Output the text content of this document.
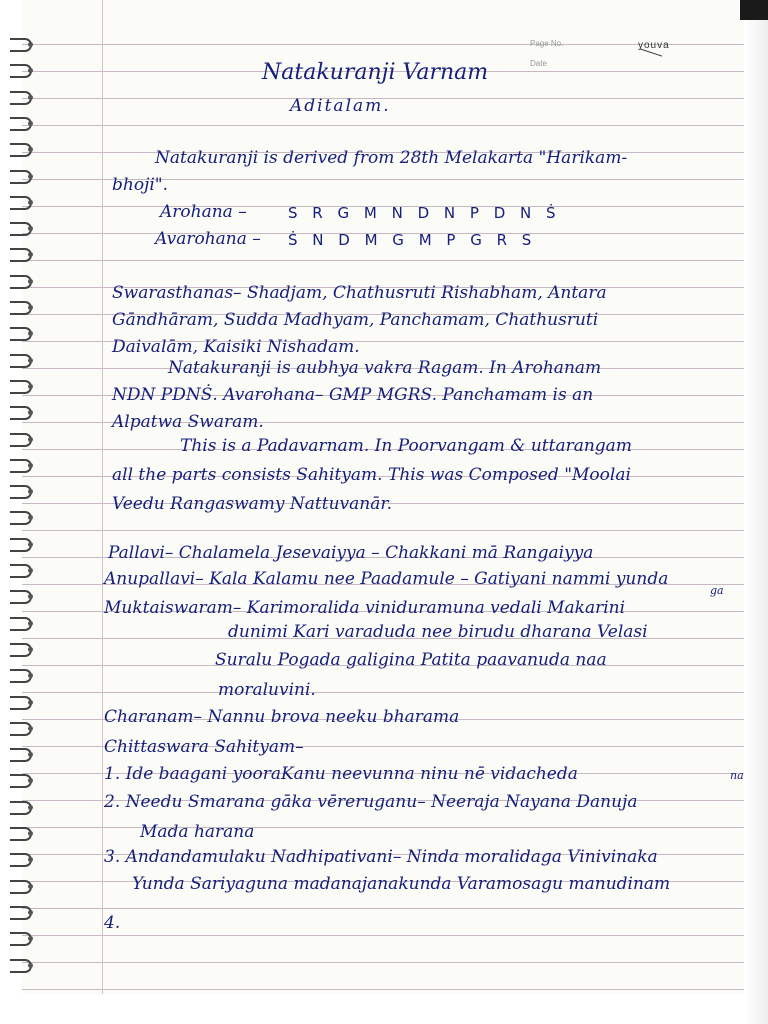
Page No.
Date
youva
Natakuranji Varnam
Aditalam.
Natakuranji is derived from 28th Melakarta "Harikam-
bhoji".
Arohana –	S R G M N D N P D N Ṡ
Avarohana – Ṡ N D M G M P G R S
Swarasthanas– Shadjam, Chathusruti Rishabham, Antara
Gāndhāram, Sudda Madhyam, Panchamam, Chathusruti
Daivalām, Kaisiki Nishadam.
Natakuranji is aubhya vakra Ragam. In Arohanam
NDN PDNṠ. Avarohana– GMP MGRS. Panchamam is an
Alpatwa Swaram.
This is a Padavarnam. In Poorvangam & uttarangam
all the parts consists Sahityam. This was Composed "Moolai
Veedu Rangaswamy Nattuvanār.
Pallavi– Chalamela Jesevaiyya – Chakkani mā Rangaiyya
Anupallavi– Kala Kalamu nee Paadamule – Gatiyani nammi yunda
ga
Muktaiswaram– Karimoralida viniduramuna vedali Makarini
dunimi Kari varaduda nee birudu dharana Velasi
Suralu Pogada galigina Patita paavanuda naa
moraluvini.
Charanam– Nannu brova neeku bharama
Chittaswara Sahityam–
1. Ide baagani yooraKanu neevunna ninu nē vidacheda	na
2. Needu Smarana gāka vēreruganu– Neeraja Nayana Danuja
Mada harana
3. Andandamulaku Nadhipativani– Ninda moralidaga Vinivinaka
Yunda Sariyaguna madanajanakunda Varamosagu manudinam
4.
